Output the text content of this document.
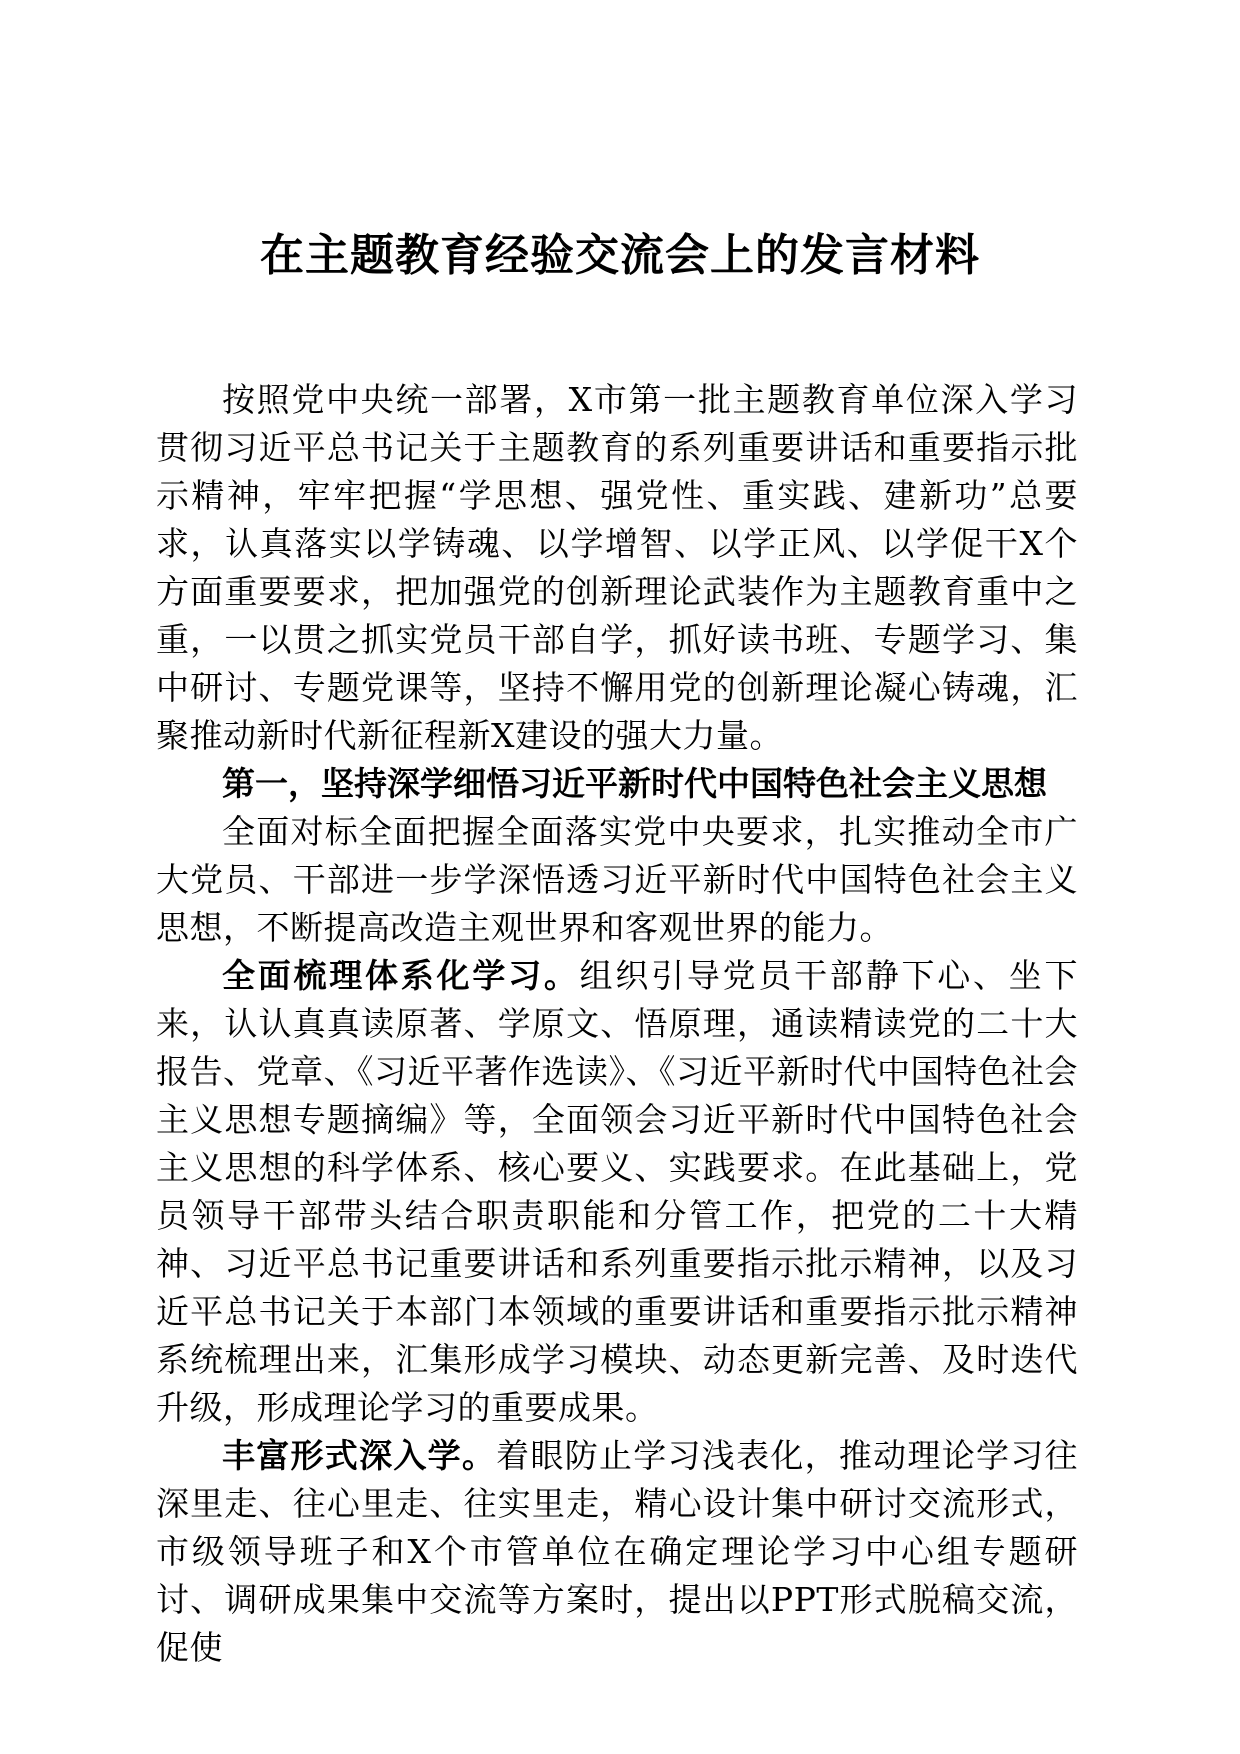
在主题教育经验交流会上的发言材料

按照党中央统一部署，X市第一批主题教育单位深入学习贯彻习近平总书记关于主题教育的系列重要讲话和重要指示批示精神，牢牢把握“学思想、强党性、重实践、建新功”总要求，认真落实以学铸魂、以学增智、以学正风、以学促干X个方面重要要求，把加强党的创新理论武装作为主题教育重中之重，一以贯之抓实党员干部自学，抓好读书班、专题学习、集中研讨、专题党课等，坚持不懈用党的创新理论凝心铸魂，汇聚推动新时代新征程新X建设的强大力量。

第一，坚持深学细悟习近平新时代中国特色社会主义思想

全面对标全面把握全面落实党中央要求，扎实推动全市广大党员、干部进一步学深悟透习近平新时代中国特色社会主义思想，不断提高改造主观世界和客观世界的能力。

全面梳理体系化学习。组织引导党员干部静下心、坐下来，认认真真读原著、学原文、悟原理，通读精读党的二十大报告、党章、《习近平著作选读》、《习近平新时代中国特色社会主义思想专题摘编》等，全面领会习近平新时代中国特色社会主义思想的科学体系、核心要义、实践要求。在此基础上，党员领导干部带头结合职责职能和分管工作，把党的二十大精神、习近平总书记重要讲话和系列重要指示批示精神，以及习近平总书记关于本部门本领域的重要讲话和重要指示批示精神系统梳理出来，汇集形成学习模块、动态更新完善、及时迭代升级，形成理论学习的重要成果。

丰富形式深入学。着眼防止学习浅表化，推动理论学习往深里走、往心里走、往实里走，精心设计集中研讨交流形式，市级领导班子和X个市管单位在确定理论学习中心组专题研讨、调研成果集中交流等方案时，提出以PPT形式脱稿交流，促使
